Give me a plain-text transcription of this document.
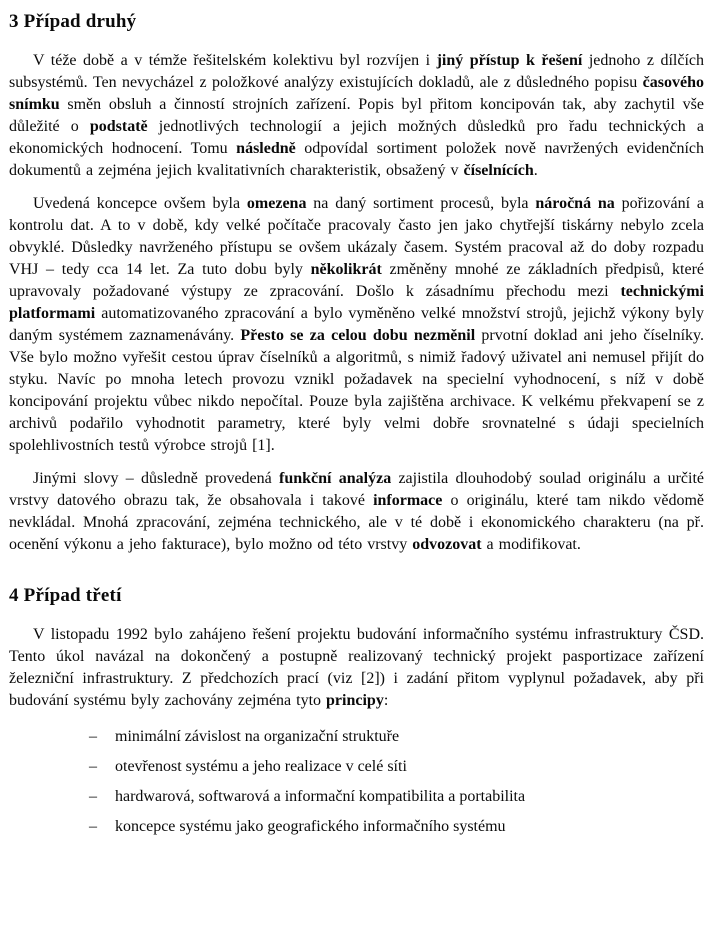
3 Případ druhý

V téže době a v témže řešitelském kolektivu byl rozvíjen i jiný přístup k řešení jednoho z dílčích subsystémů. Ten nevycházel z položkové analýzy existujících dokladů, ale z důsledného popisu časového snímku směn obsluh a činností strojních zařízení. Popis byl přitom koncipován tak, aby zachytil vše důležité o podstatě jednotlivých technologií a jejich možných důsledků pro řadu technických a ekonomických hodnocení. Tomu následně odpovídal sortiment položek nově navržených evidenčních dokumentů a zejména jejich kvalitativních charakteristik, obsažený v číselnících.

Uvedená koncepce ovšem byla omezena na daný sortiment procesů, byla náročná na pořizování a kontrolu dat. A to v době, kdy velké počítače pracovaly často jen jako chytřejší tiskárny nebylo zcela obvyklé. Důsledky navrženého přístupu se ovšem ukázaly časem. Systém pracoval až do doby rozpadu VHJ – tedy cca 14 let. Za tuto dobu byly několikrát změněny mnohé ze základních předpisů, které upravovaly požadované výstupy ze zpracování. Došlo k zásadnímu přechodu mezi technickými platformami automatizovaného zpracování a bylo vyměněno velké množství strojů, jejichž výkony byly daným systémem zaznamenávány. Přesto se za celou dobu nezměnil prvotní doklad ani jeho číselníky. Vše bylo možno vyřešit cestou úprav číselníků a algoritmů, s nimiž řadový uživatel ani nemusel přijít do styku. Navíc po mnoha letech provozu vznikl požadavek na specielní vyhodnocení, s níž v době koncipování projektu vůbec nikdo nepočítal. Pouze byla zajištěna archivace. K velkému překvapení se z archivů podařilo vyhodnotit parametry, které byly velmi dobře srovnatelné s údaji specielních spolehlivostních testů výrobce strojů [1].

Jinými slovy – důsledně provedená funkční analýza zajistila dlouhodobý soulad originálu a určité vrstvy datového obrazu tak, že obsahovala i takové informace o originálu, které tam nikdo vědomě nevkládal. Mnohá zpracování, zejména technického, ale v té době i ekonomického charakteru (na př. ocenění výkonu a jeho fakturace), bylo možno od této vrstvy odvozovat a modifikovat.

4 Případ třetí

V listopadu 1992 bylo zahájeno řešení projektu budování informačního systému infrastruktury ČSD. Tento úkol navázal na dokončený a postupně realizovaný technický projekt pasportizace zařízení železniční infrastruktury. Z předchozích prací (viz [2]) i zadání přitom vyplynul požadavek, aby při budování systému byly zachovány zejména tyto principy:

–	minimální závislost na organizační struktuře
–	otevřenost systému a jeho realizace v celé síti
–	hardwarová, softwarová a informační kompatibilita a portabilita
–	koncepce systému jako geografického informačního systému
